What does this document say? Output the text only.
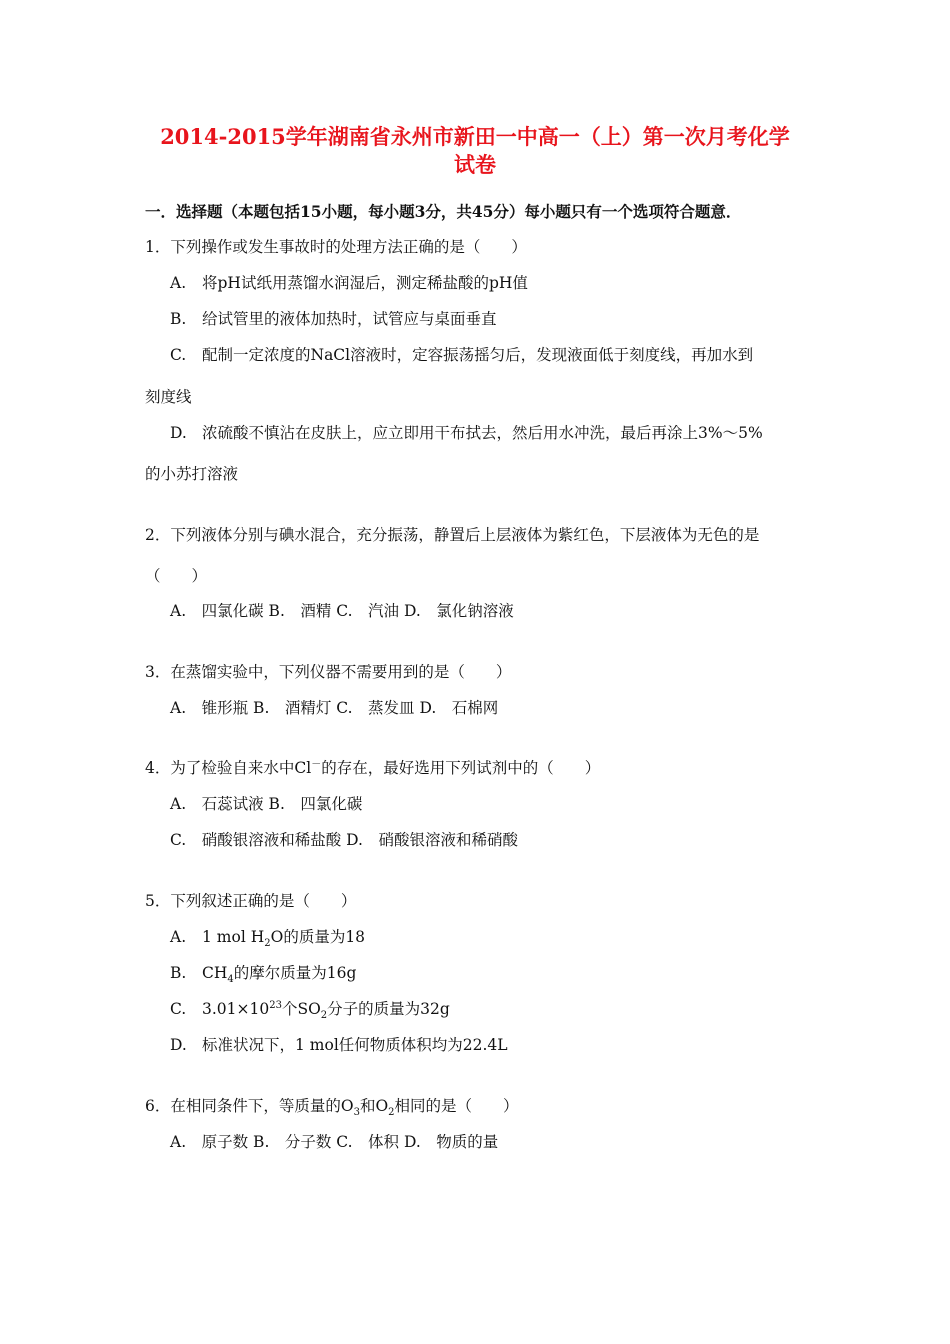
2014-2015学年湖南省永州市新田一中高一（上）第一次月考化学
试卷
一．选择题（本题包括15小题，每小题3分，共45分）每小题只有一个选项符合题意．
1．下列操作或发生事故时的处理方法正确的是（　　）
A. 将pH试纸用蒸馏水润湿后，测定稀盐酸的pH值
B. 给试管里的液体加热时，试管应与桌面垂直
C. 配制一定浓度的NaCl溶液时，定容振荡摇匀后，发现液面低于刻度线，再加水到
刻度线
D. 浓硫酸不慎沾在皮肤上，应立即用干布拭去，然后用水冲洗，最后再涂上3%～5%
的小苏打溶液
2．下列液体分别与碘水混合，充分振荡，静置后上层液体为紫红色，下层液体为无色的是
（　　）
A.　四氯化碳 B.　酒精 C.　汽油 D.　氯化钠溶液
3．在蒸馏实验中，下列仪器不需要用到的是（　　）
A.　锥形瓶 B.　酒精灯 C.　蒸发皿 D.　石棉网
4．为了检验自来水中Cl－的存在，最好选用下列试剂中的（　　）
A.　石蕊试液 B.　四氯化碳
C.　硝酸银溶液和稀盐酸 D.　硝酸银溶液和稀硝酸
5．下列叙述正确的是（　　）
A. 1 mol $H_2O$的质量为18
B. $CH_4$的摩尔质量为16g
C. $3.01\times 10^{23}$个$SO_2$分子的质量为32g
D. 标准状况下，1 mol任何物质体积均为22.4L
6．在相同条件下，等质量的$O_3$和$O_2$相同的是（　　）
A.　原子数 B.　分子数 C.　体积 D.　物质的量
